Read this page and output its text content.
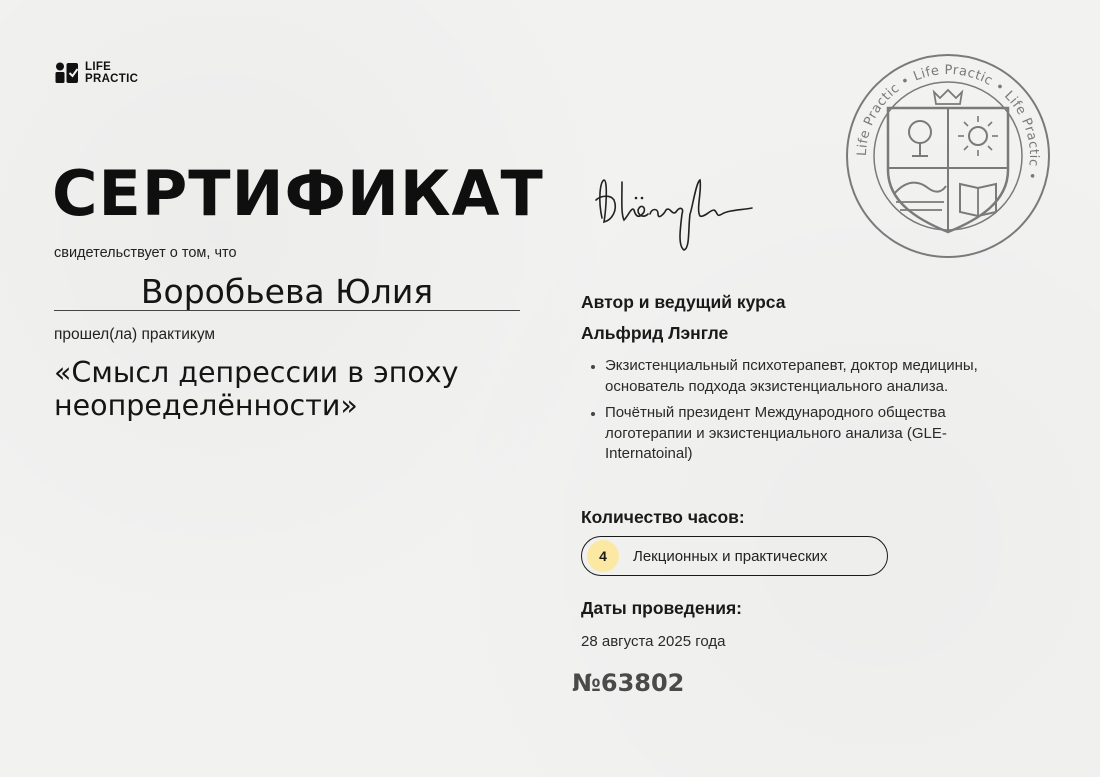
LIFE
PRACTIC
СЕРТИФИКАТ
свидетельствует о том, что
Воробьева Юлия
прошел(ла) практикум
«Смысл депрессии в эпоху
неопределённости»
Life Practic • Life Practic • Life Practic •
Автор и ведущий курса
Альфрид Лэнгле
Экзистенциальный психотерапевт, доктор медицины, основатель подхода экзистенциального анализа.
Почётный президент Международного общества логотерапии и экзистенциального анализа (GLE-Internatoinal)
Количество часов:
4	Лекционных и практических
Даты проведения:
28 августа 2025 года
№63802
